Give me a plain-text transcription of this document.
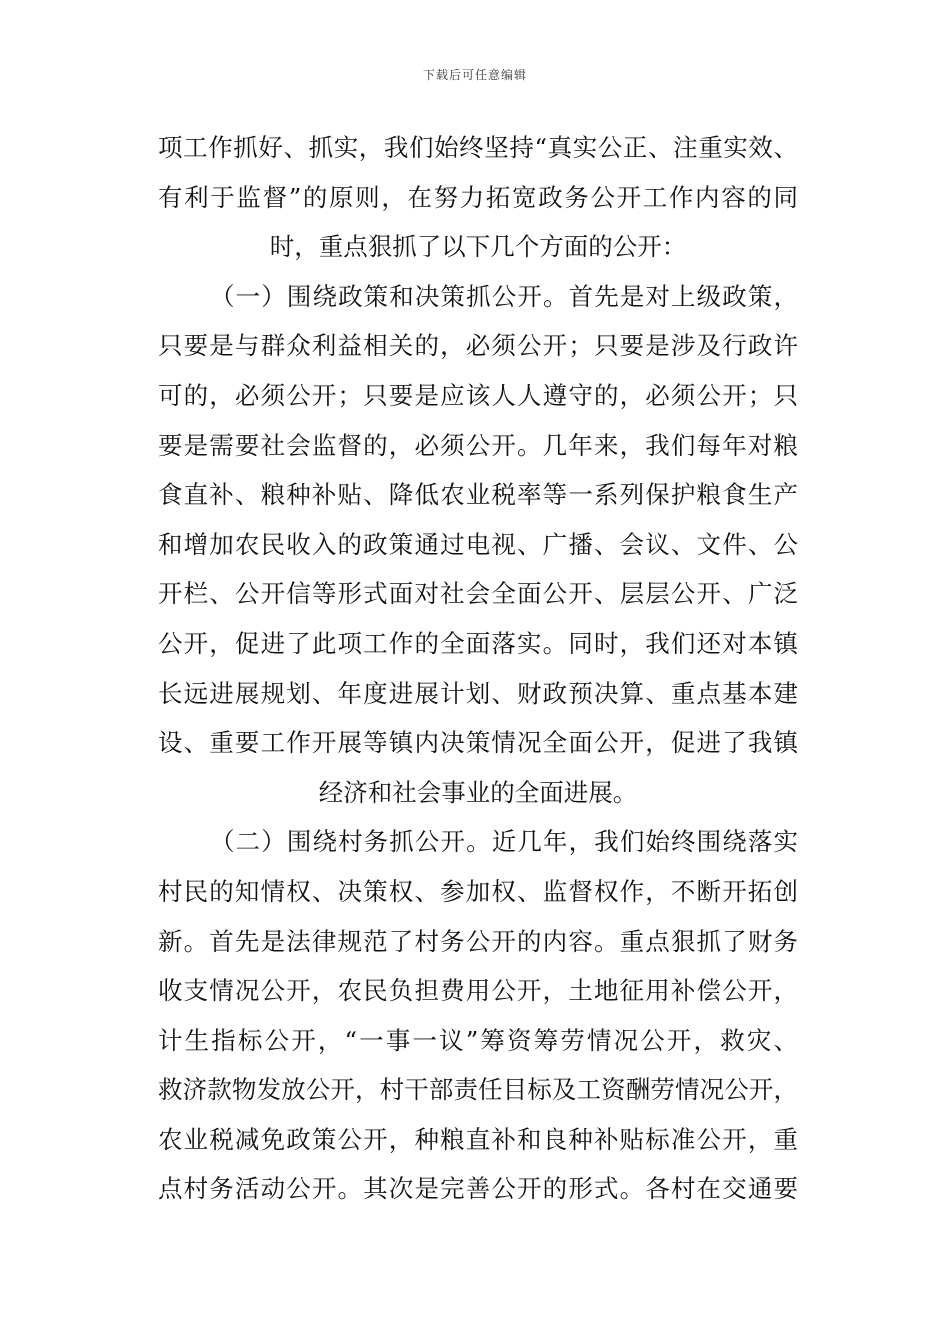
下载后可任意编辑
项工作抓好、抓实，我们始终坚持“真实公正、注重实效、
有利于监督”的原则，在努力拓宽政务公开工作内容的同
时，重点狠抓了以下几个方面的公开：
（一）围绕政策和决策抓公开。首先是对上级政策，
只要是与群众利益相关的，必须公开；只要是涉及行政许
可的，必须公开；只要是应该人人遵守的，必须公开；只
要是需要社会监督的，必须公开。几年来，我们每年对粮
食直补、粮种补贴、降低农业税率等一系列保护粮食生产
和增加农民收入的政策通过电视、广播、会议、文件、公
开栏、公开信等形式面对社会全面公开、层层公开、广泛
公开，促进了此项工作的全面落实。同时，我们还对本镇
长远进展规划、年度进展计划、财政预决算、重点基本建
设、重要工作开展等镇内决策情况全面公开，促进了我镇
经济和社会事业的全面进展。
（二）围绕村务抓公开。近几年，我们始终围绕落实
村民的知情权、决策权、参加权、监督权作，不断开拓创
新。首先是法律规范了村务公开的内容。重点狠抓了财务
收支情况公开，农民负担费用公开，土地征用补偿公开，
计生指标公开，“一事一议”筹资筹劳情况公开，救灾、
救济款物发放公开，村干部责任目标及工资酬劳情况公开，
农业税减免政策公开，种粮直补和良种补贴标准公开，重
点村务活动公开。其次是完善公开的形式。各村在交通要
